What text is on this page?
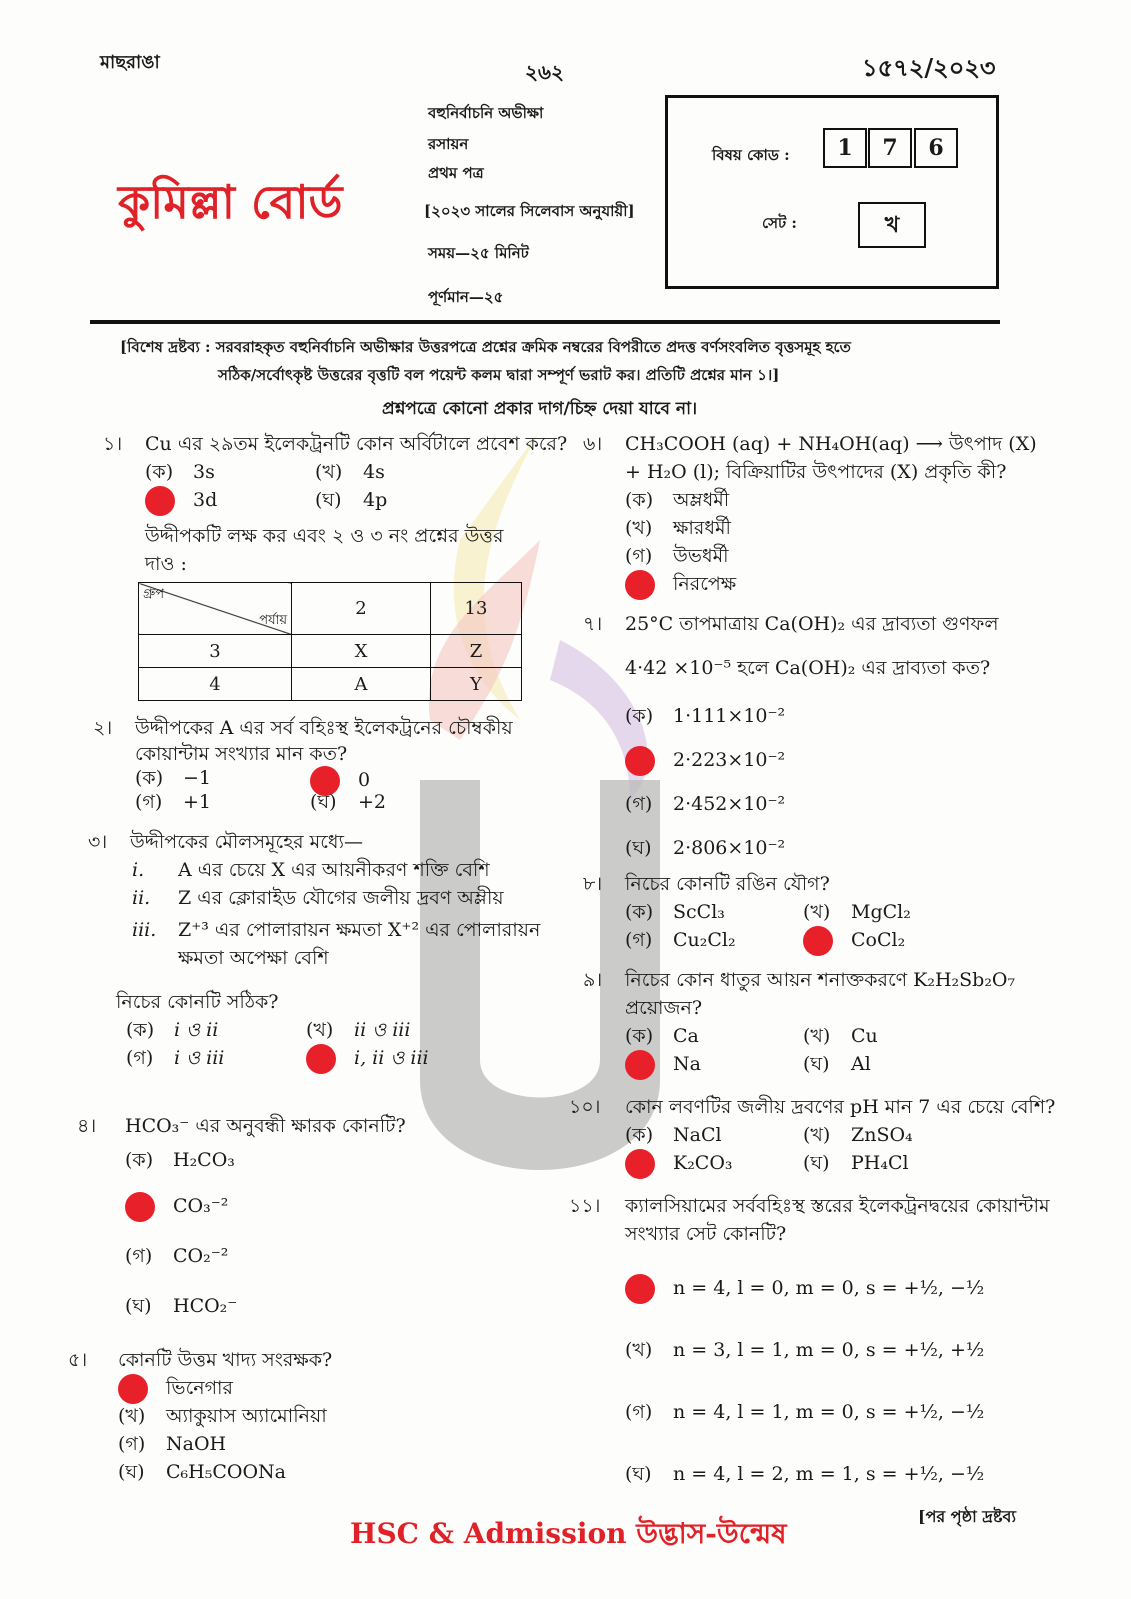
মাছরাঙা	২৬২	১৫৭২/২০২৩
কুমিল্লা বোর্ড
বহুনির্বাচনি অভীক্ষা
রসায়ন
প্রথম পত্র
[২০২৩ সালের সিলেবাস অনুযায়ী]
সময়—২৫ মিনিট
পূর্ণমান—২৫
বিষয় কোড :	1	7	6
সেট :	খ
[বিশেষ দ্রষ্টব্য : সরবরাহকৃত বহুনির্বাচনি অভীক্ষার উত্তরপত্রে প্রশ্নের ক্রমিক নম্বরের বিপরীতে প্রদত্ত বর্ণসংবলিত বৃত্তসমূহ হতে
সঠিক/সর্বোৎকৃষ্ট উত্তরের বৃত্তটি বল পয়েন্ট কলম দ্বারা সম্পূর্ণ ভরাট কর। প্রতিটি প্রশ্নের মান ১।]
প্রশ্নপত্রে কোনো প্রকার দাগ/চিহ্ন দেয়া যাবে না।
১। Cu এর ২৯তম ইলেকট্রনটি কোন অর্বিটালে প্রবেশ করে?
(ক) 3s	(খ) 4s
3d	(ঘ) 4p
উদ্দীপকটি লক্ষ কর এবং ২ ও ৩ নং প্রশ্নের উত্তর
দাও :
গ্রুপ
পর্যায়	2	13
3	X	Z
4	A	Y
২। উদ্দীপকের A এর সর্ব বহিঃস্থ ইলেকট্রনের চৌম্বকীয়
কোয়ান্টাম সংখ্যার মান কত?
(ক) −1	0
(গ) +1	(ঘ) +2
৩। উদ্দীপকের মৌলসমূহের মধ্যে—
i. A এর চেয়ে X এর আয়নীকরণ শক্তি বেশি
ii. Z এর ক্লোরাইড যৌগের জলীয় দ্রবণ অম্লীয়
iii. Z⁺³ এর পোলারায়ন ক্ষমতা X⁺² এর পোলারায়ন
ক্ষমতা অপেক্ষা বেশি
নিচের কোনটি সঠিক?
(ক) i ও ii	(খ) ii ও iii
(গ) i ও iii	i, ii ও iii
৪। HCO₃⁻ এর অনুবন্ধী ক্ষারক কোনটি?
(ক) H₂CO₃
CO₃⁻²
(গ) CO₂⁻²
(ঘ) HCO₂⁻
৫। কোনটি উত্তম খাদ্য সংরক্ষক?
ভিনেগার
(খ) অ্যাকুয়াস অ্যামোনিয়া
(গ) NaOH
(ঘ) C₆H₅COONa
৬। CH₃COOH (aq) + NH₄OH(aq) ⟶ উৎপাদ (X)
+ H₂O (l); বিক্রিয়াটির উৎপাদের (X) প্রকৃতি কী?
(ক) অম্লধর্মী
(খ) ক্ষারধর্মী
(গ) উভধর্মী
নিরপেক্ষ
৭। 25°C তাপমাত্রায় Ca(OH)₂ এর দ্রাব্যতা গুণফল
4·42 ×10⁻⁵ হলে Ca(OH)₂ এর দ্রাব্যতা কত?
(ক) 1·111×10⁻²
2·223×10⁻²
(গ) 2·452×10⁻²
(ঘ) 2·806×10⁻²
৮। নিচের কোনটি রঙিন যৌগ?
(ক) ScCl₃	(খ) MgCl₂
(গ) Cu₂Cl₂	CoCl₂
৯। নিচের কোন ধাতুর আয়ন শনাক্তকরণে K₂H₂Sb₂O₇
প্রয়োজন?
(ক) Ca	(খ) Cu
Na	(ঘ) Al
১০। কোন লবণটির জলীয় দ্রবণের pH মান 7 এর চেয়ে বেশি?
(ক) NaCl	(খ) ZnSO₄
K₂CO₃	(ঘ) PH₄Cl
১১। ক্যালসিয়ামের সর্ববহিঃস্থ স্তরের ইলেকট্রনদ্বয়ের কোয়ান্টাম
সংখ্যার সেট কোনটি?
n = 4, l = 0, m = 0, s = +½, −½
(খ) n = 3, l = 1, m = 0, s = +½, +½
(গ) n = 4, l = 1, m = 0, s = +½, −½
(ঘ) n = 4, l = 2, m = 1, s = +½, −½
[পর পৃষ্ঠা দ্রষ্টব্য
HSC & Admission উদ্ভাস-উন্মেষ
